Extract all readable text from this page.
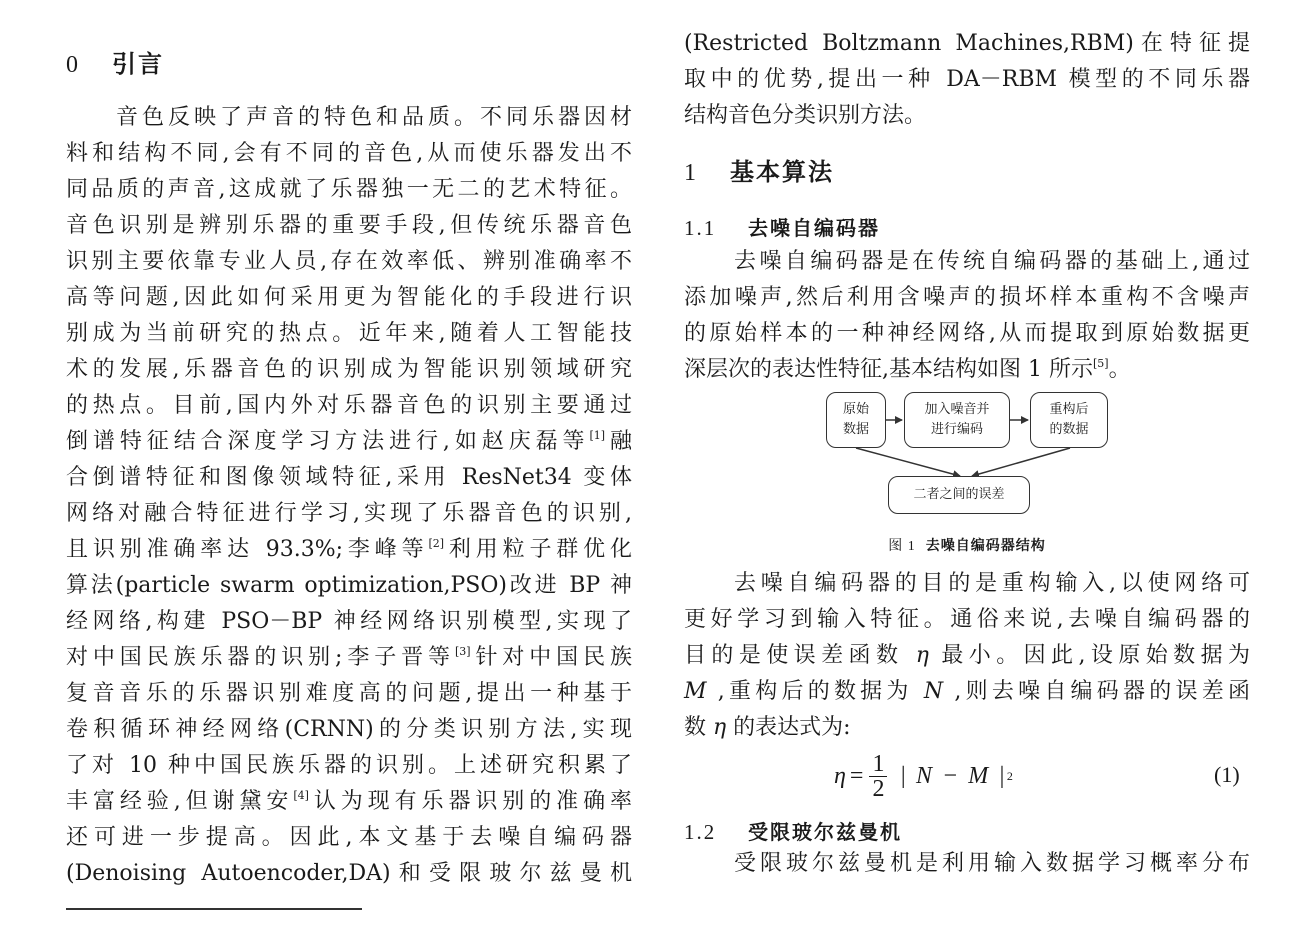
0 引言
音色反映了声音的特色和品质。不同乐器因材
料和结构不同,会有不同的音色,从而使乐器发出不
同品质的声音,这成就了乐器独一无二的艺术特征。
音色识别是辨别乐器的重要手段,但传统乐器音色
识别主要依靠专业人员,存在效率低、辨别准确率不
高等问题,因此如何采用更为智能化的手段进行识
别成为当前研究的热点。近年来,随着人工智能技
术的发展,乐器音色的识别成为智能识别领域研究
的热点。目前,国内外对乐器音色的识别主要通过
倒谱特征结合深度学习方法进行,如赵庆磊等[1]融
合倒谱特征和图像领域特征,采用 ResNet34 变体
网络对融合特征进行学习,实现了乐器音色的识别,
且识别准确率达 93.3%;李峰等[2]利用粒子群优化
算法(particle swarm optimization,PSO)改进 BP 神
经网络,构建 PSO－BP 神经网络识别模型,实现了
对中国民族乐器的识别;李子晋等[3]针对中国民族
复音音乐的乐器识别难度高的问题,提出一种基于
卷积循环神经网络(CRNN)的分类识别方法,实现
了对 10 种中国民族乐器的识别。上述研究积累了
丰富经验,但谢黛安[4]认为现有乐器识别的准确率
还可进一步提高。因此,本文基于去噪自编码器
(Denoising Autoencoder,DA)和受限玻尔兹曼机
(Restricted Boltzmann Machines,RBM)在特征提
取中的优势,提出一种 DA－RBM 模型的不同乐器
结构音色分类识别方法。
1 基本算法
1.1 去噪自编码器
去噪自编码器是在传统自编码器的基础上,通过
添加噪声,然后利用含噪声的损坏样本重构不含噪声
的原始样本的一种神经网络,从而提取到原始数据更
深层次的表达性特征,基本结构如图 1 所示[5]。
原始
数据
加入噪音并
进行编码
重构后
的数据
二者之间的误差
图 1 去噪自编码器结构
去噪自编码器的目的是重构输入,以使网络可
更好学习到输入特征。通俗来说,去噪自编码器的
目的是使误差函数 η 最小。因此,设原始数据为
M ,重构后的数据为 N ,则去噪自编码器的误差函
数 η 的表达式为:
$\eta = \frac{1}{2}$ | N − M | 2	(1)
1.2 受限玻尔兹曼机
受限玻尔兹曼机是利用输入数据学习概率分布
